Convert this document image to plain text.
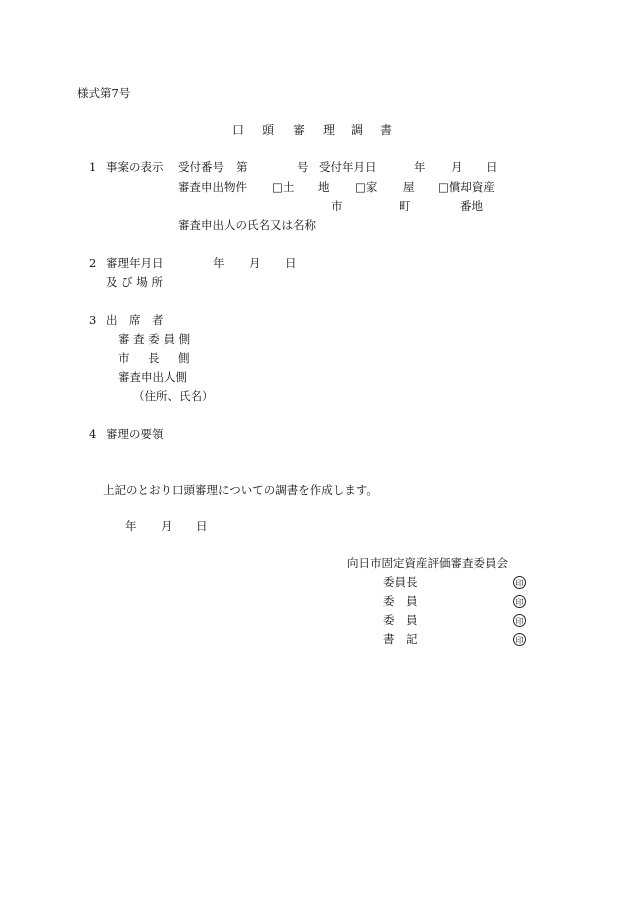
様式第7号
口 頭 審 理 調 書
1 事案の表示 受付番号 第	号 受付年月日	年 月 日
審査申出物件 □土 地 □家 屋 □償却資産
市	町	番地
審査申出人の氏名又は名称
2 審理年月日	年 月 日
及 び 場 所
3 出　席　者
審 査 委 員 側
市 長 側
審査申出人側
（住所、氏名）
4 審理の要領
上記のとおり口頭審理についての調書を作成します。
年 月 日
向日市固定資産評価審査委員会
委員長	印
委　員	印
委　員	印
書　記	印
